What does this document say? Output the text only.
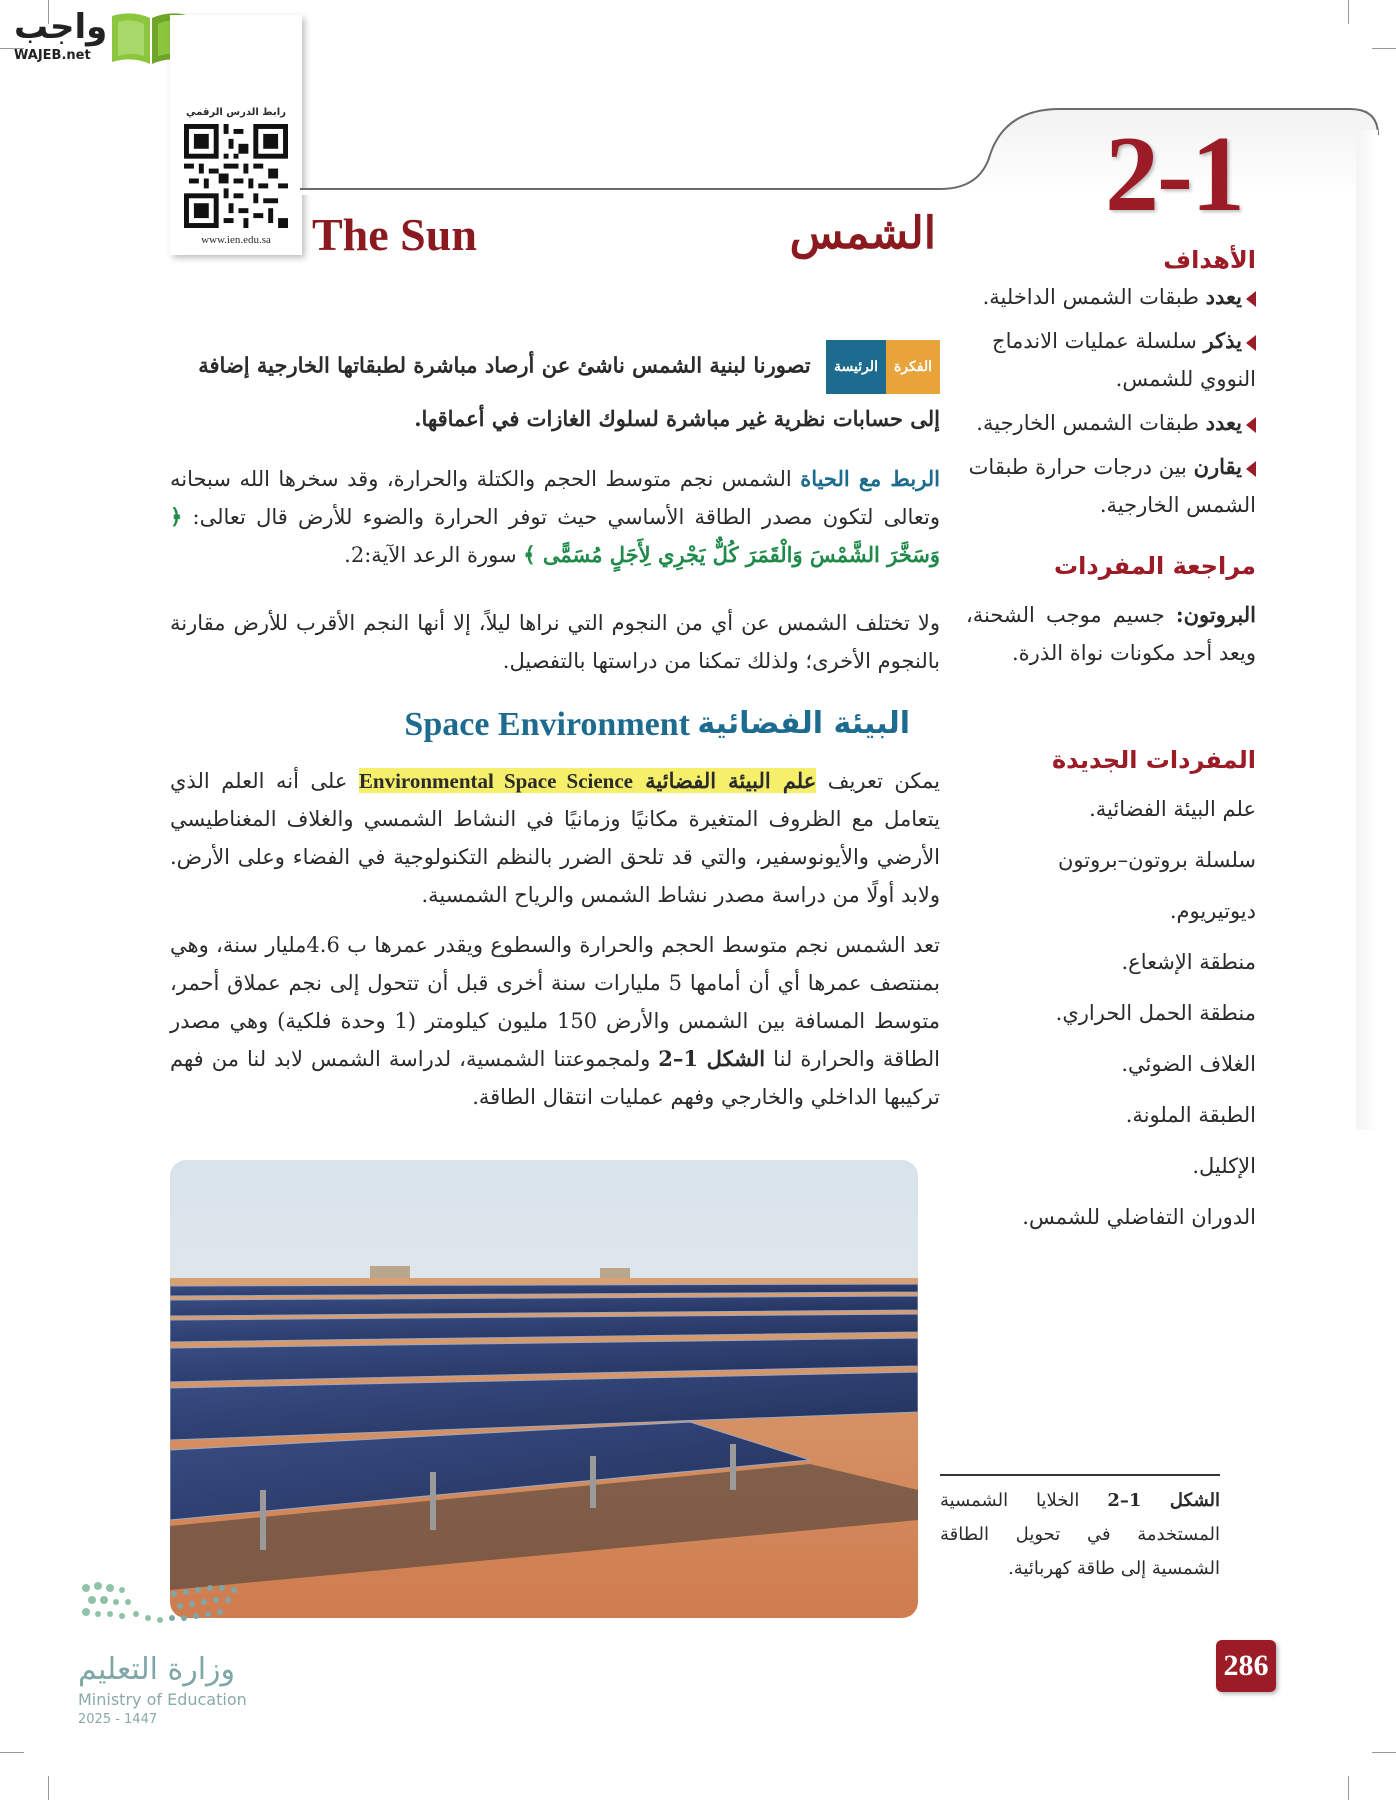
واجب
WAJEB.net
رابط الدرس الرقمي
www.ien.edu.sa
2-1
The Sun	الشمس
الأهداف
يعدد طبقات الشمس الداخلية.
يذكر سلسلة عمليات الاندماج النووي للشمس.
يعدد طبقات الشمس الخارجية.
يقارن بين درجات حرارة طبقات الشمس الخارجية.
مراجعة المفردات
البروتون: جسيم موجب الشحنة، ويعد أحد مكونات نواة الذرة.
المفردات الجديدة
علم البيئة الفضائية.
سلسلة بروتون–بروتون
ديوتيريوم.
منطقة الإشعاع.
منطقة الحمل الحراري.
الغلاف الضوئي.
الطبقة الملونة.
الإكليل.
الدوران التفاضلي للشمس.
الفكرةالرئيسة تصورنا لبنية الشمس ناشئ عن أرصاد مباشرة لطبقاتها الخارجية إضافة إلى حسابات نظرية غير مباشرة لسلوك الغازات في أعماقها.
الربط مع الحياة الشمس نجم متوسط الحجم والكتلة والحرارة، وقد سخرها الله سبحانه وتعالى لتكون مصدر الطاقة الأساسي حيث توفر الحرارة والضوء للأرض قال تعالى: ﴿ وَسَخَّرَ الشَّمْسَ وَالْقَمَرَ كُلٌّ يَجْرِي لِأَجَلٍ مُسَمًّى ﴾ سورة الرعد الآية:2.
ولا تختلف الشمس عن أي من النجوم التي نراها ليلاً، إلا أنها النجم الأقرب للأرض مقارنة بالنجوم الأخرى؛ ولذلك تمكنا من دراستها بالتفصيل.
البيئة الفضائية
Space Environment
يمكن تعريف علم البيئة الفضائية Environmental Space Science على أنه العلم الذي يتعامل مع الظروف المتغيرة مكانيًا وزمانيًا في النشاط الشمسي والغلاف المغناطيسي الأرضي والأيونوسفير، والتي قد تلحق الضرر بالنظم التكنولوجية في الفضاء وعلى الأرض. ولابد أولًا من دراسة مصدر نشاط الشمس والرياح الشمسية.
تعد الشمس نجم متوسط الحجم والحرارة والسطوع ويقدر عمرها ب 4.6مليار سنة، وهي بمنتصف عمرها أي أن أمامها 5 مليارات سنة أخرى قبل أن تتحول إلى نجم عملاق أحمر، متوسط المسافة بين الشمس والأرض 150 مليون كيلومتر (1 وحدة فلكية) وهي مصدر الطاقة والحرارة لنا الشكل 1–2 ولمجموعتنا الشمسية، لدراسة الشمس لابد لنا من فهم تركيبها الداخلي والخارجي وفهم عمليات انتقال الطاقة.
الشكل 1–2 الخلايا الشمسية المستخدمة في تحويل الطاقة الشمسية إلى طاقة كهربائية.
286
وزارة التعليم
Ministry of Education
2025 - 1447
